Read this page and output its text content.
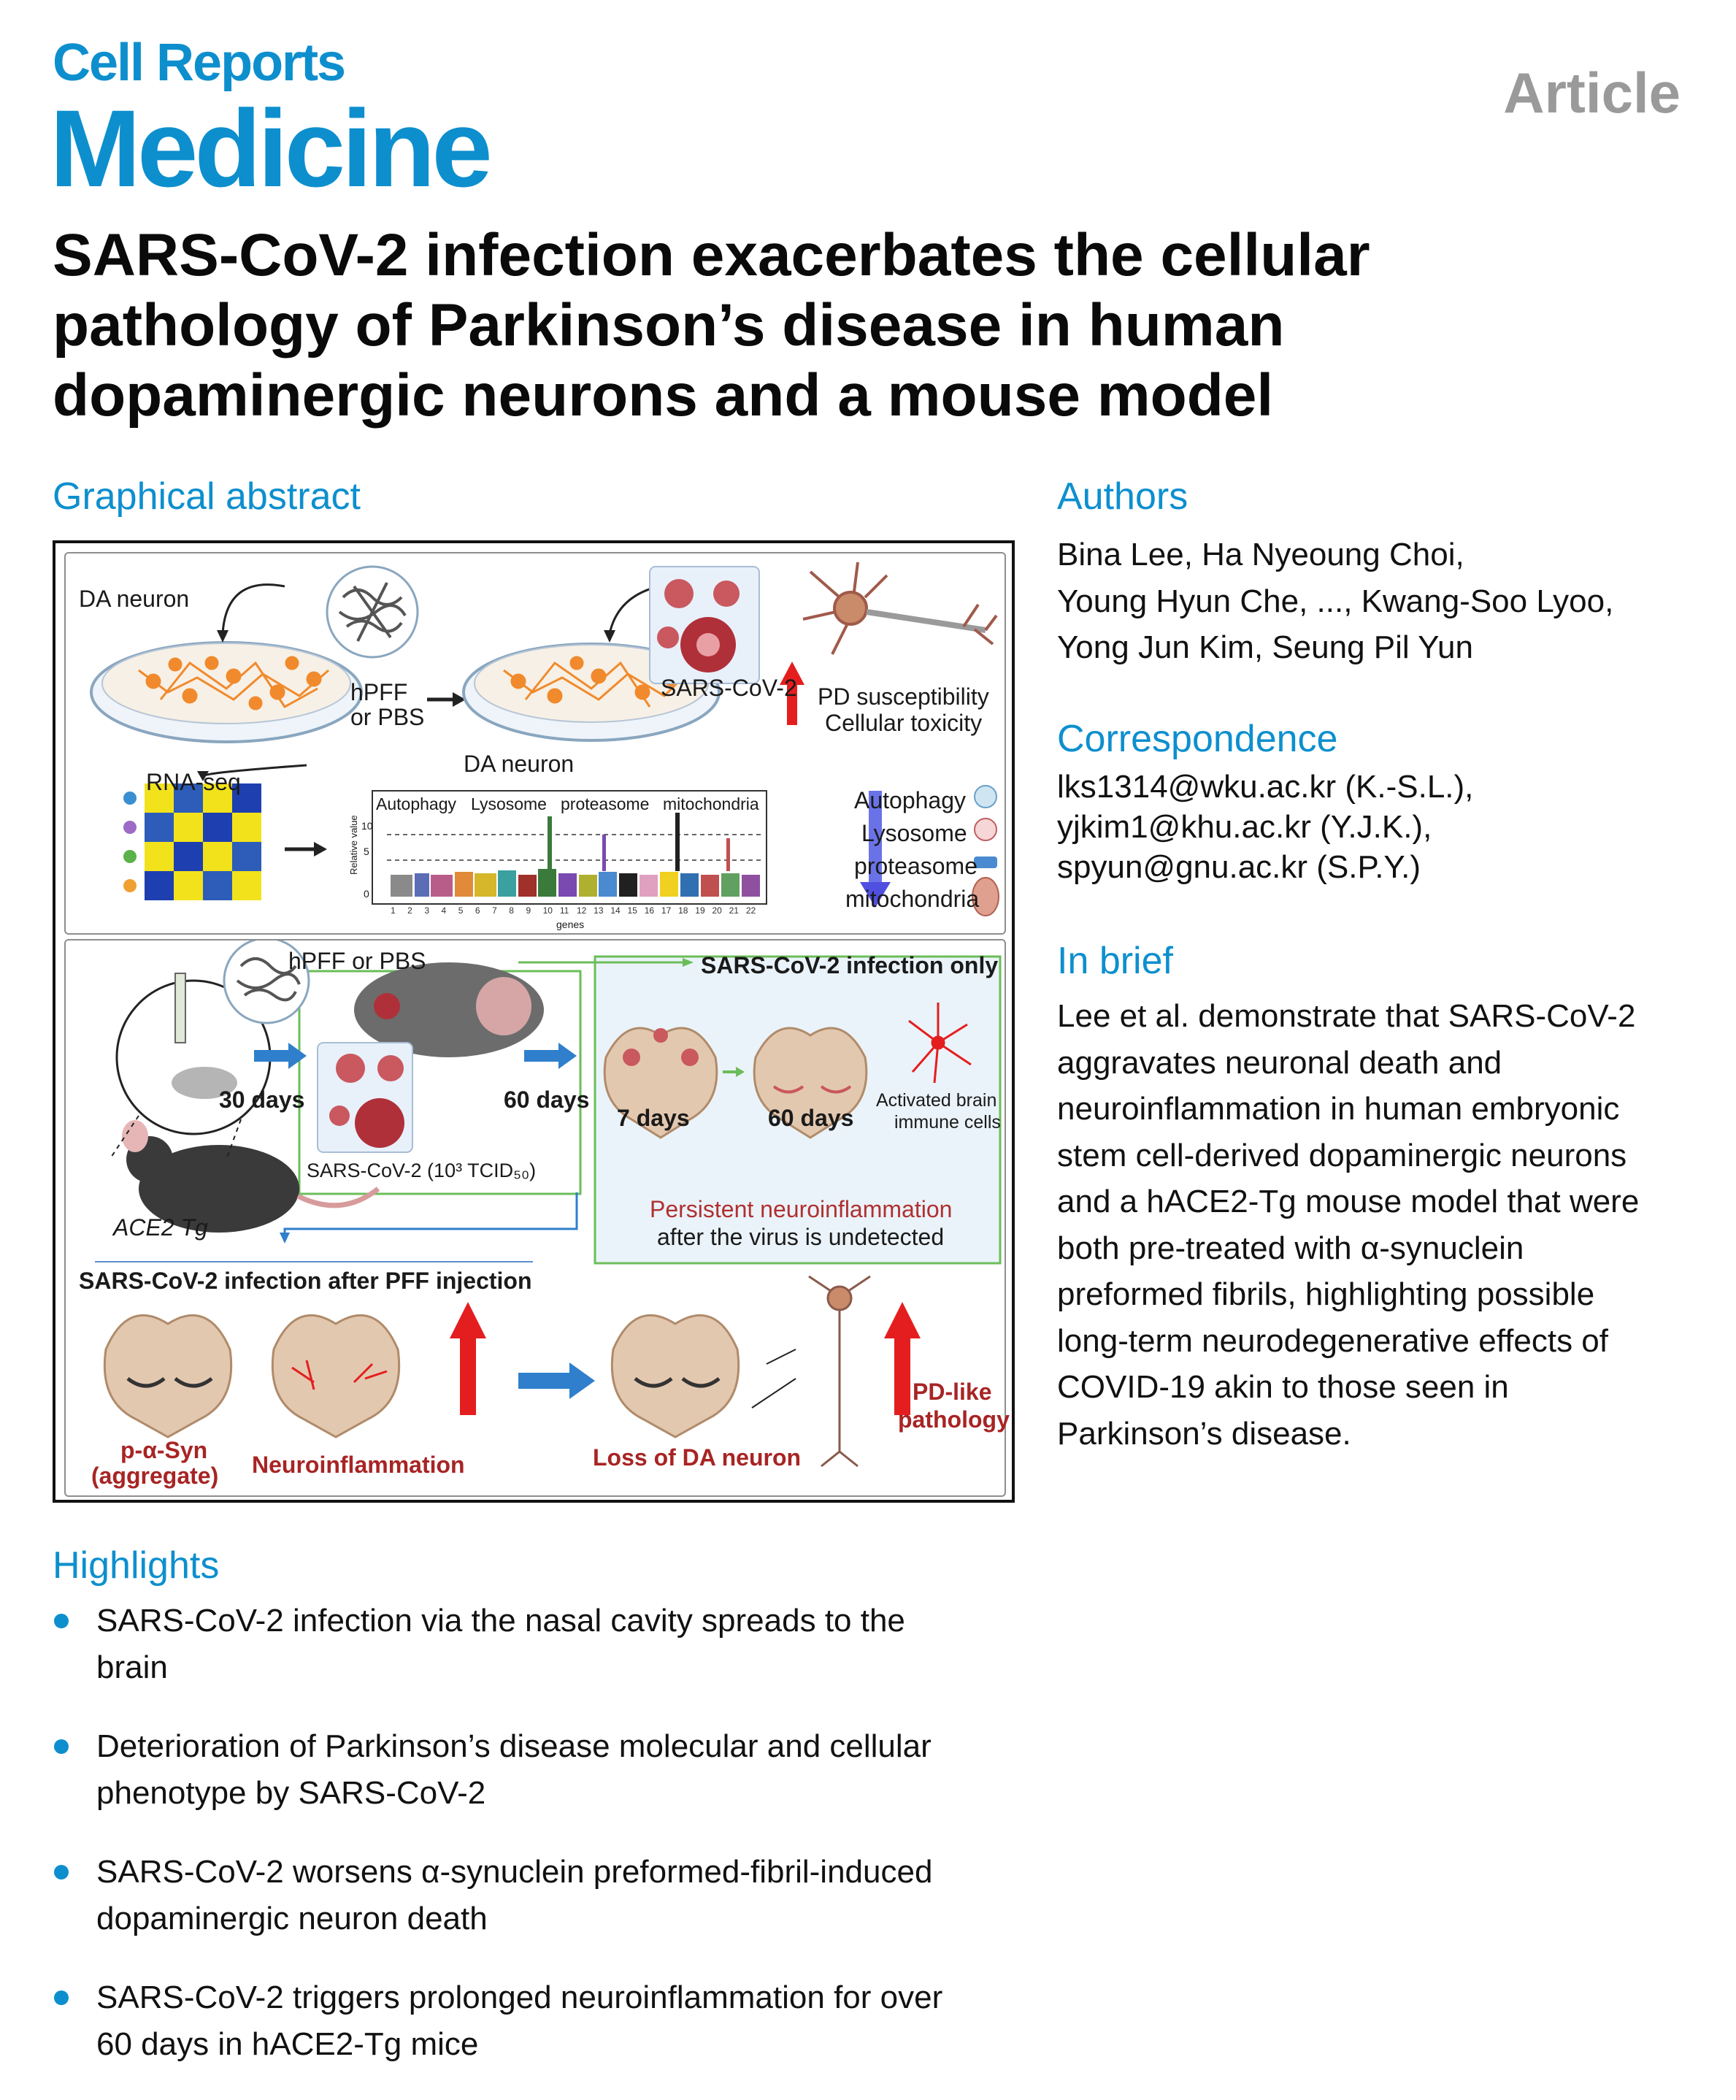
Cell Reports
Medicine	Article
SARS-CoV-2 infection exacerbates the cellular pathology of Parkinson’s disease in human dopaminergic neurons and a mouse model
Graphical abstract
DA neuron
hPFF
or PBS
SARS-CoV-2 PD susceptibility
Cellular toxicity
RNA-seq
DA neuron
Autophagy Lysosome proteasome mitochondria
Relative value 10
5
0
genes
1 2 3 4 5 6 7 8 9 10 11 12 13 14 15 16 17 18 19 20 21 22
Autophagy
Lysosome
proteasome
mitochondria
hPFF or PBS	SARS-CoV-2 infection only
30 days	60 days
7 days	60 days
Activated brain
immune cells
SARS-CoV-2 (10³ TCID₅₀)
ACE2 Tg
Persistent neuroinflammation
after the virus is undetected
SARS-CoV-2 infection after PFF injection
p-α-Syn
(aggregate) Neuroinflammation	Loss of DA neuron
PD-like
pathology
Authors
Bina Lee, Ha Nyeoung Choi,
Young Hyun Che, ..., Kwang-Soo Lyoo,
Yong Jun Kim, Seung Pil Yun
Correspondence
lks1314@wku.ac.kr (K.-S.L.),
yjkim1@khu.ac.kr (Y.J.K.),
spyun@gnu.ac.kr (S.P.Y.)
In brief
Lee et al. demonstrate that SARS-CoV-2
aggravates neuronal death and
neuroinflammation in human embryonic
stem cell-derived dopaminergic neurons
and a hACE2-Tg mouse model that were
both pre-treated with α-synuclein
preformed fibrils, highlighting possible
long-term neurodegenerative effects of
COVID-19 akin to those seen in
Parkinson’s disease.
Highlights
SARS-CoV-2 infection via the nasal cavity spreads to the
brain
Deterioration of Parkinson’s disease molecular and cellular
phenotype by SARS-CoV-2
SARS-CoV-2 worsens α-synuclein preformed-fibril-induced
dopaminergic neuron death
SARS-CoV-2 triggers prolonged neuroinflammation for over
60 days in hACE2-Tg mice
